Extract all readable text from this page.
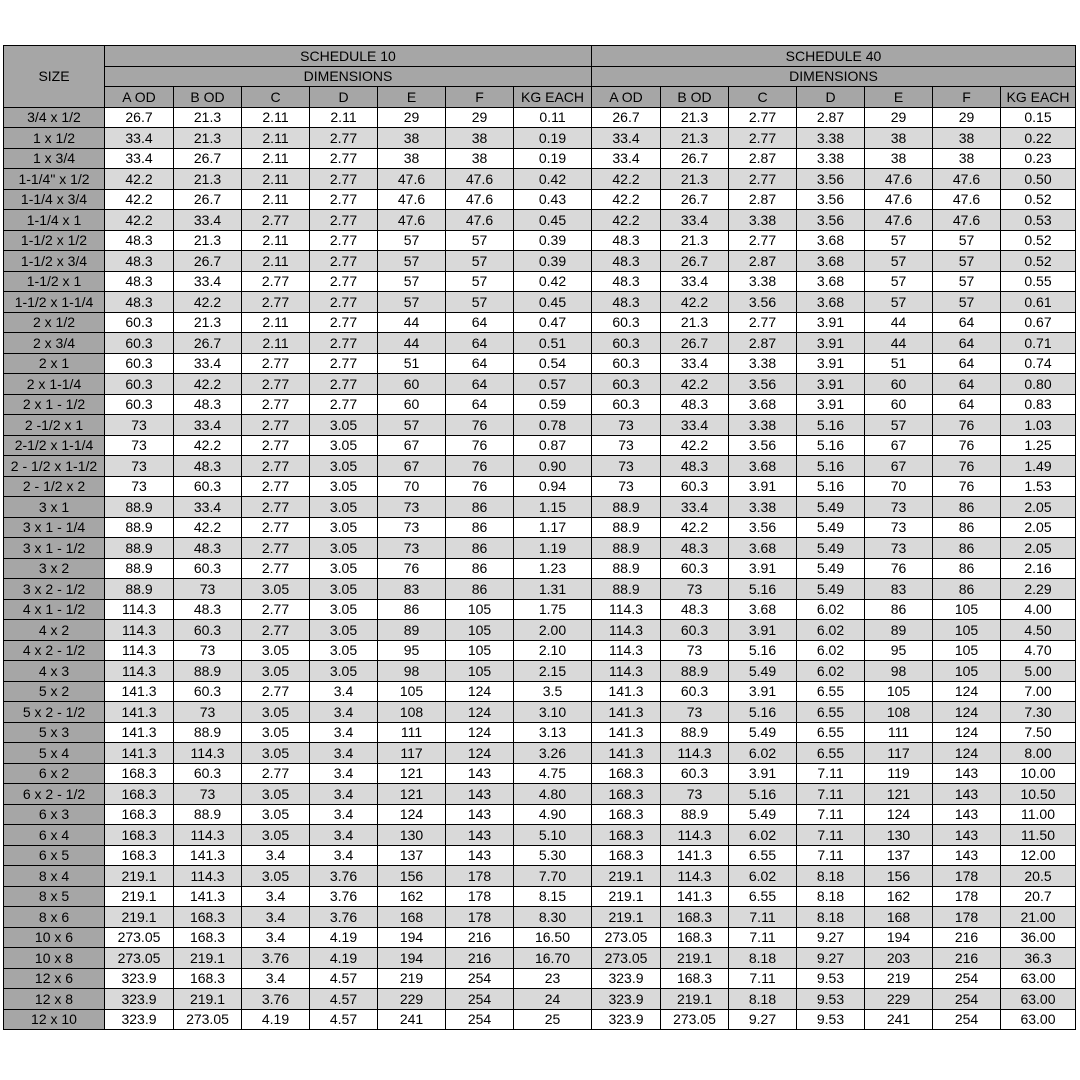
SIZE	SCHEDULE 10							SCHEDULE 40						
	DIMENSIONS							DIMENSIONS						
	A OD	B OD	C	D	E	F	KG EACH	A OD	B OD	C	D	E	F	KG EACH
3/4 x 1/2	26.7	21.3	2.11	2.11	29	29	0.11	26.7	21.3	2.77	2.87	29	29	0.15
1 x 1/2	33.4	21.3	2.11	2.77	38	38	0.19	33.4	21.3	2.77	3.38	38	38	0.22
1 x 3/4	33.4	26.7	2.11	2.77	38	38	0.19	33.4	26.7	2.87	3.38	38	38	0.23
1-1/4" x 1/2	42.2	21.3	2.11	2.77	47.6	47.6	0.42	42.2	21.3	2.77	3.56	47.6	47.6	0.50
1-1/4 x 3/4	42.2	26.7	2.11	2.77	47.6	47.6	0.43	42.2	26.7	2.87	3.56	47.6	47.6	0.52
1-1/4 x 1	42.2	33.4	2.77	2.77	47.6	47.6	0.45	42.2	33.4	3.38	3.56	47.6	47.6	0.53
1-1/2 x 1/2	48.3	21.3	2.11	2.77	57	57	0.39	48.3	21.3	2.77	3.68	57	57	0.52
1-1/2 x 3/4	48.3	26.7	2.11	2.77	57	57	0.39	48.3	26.7	2.87	3.68	57	57	0.52
1-1/2 x 1	48.3	33.4	2.77	2.77	57	57	0.42	48.3	33.4	3.38	3.68	57	57	0.55
1-1/2 x 1-1/4	48.3	42.2	2.77	2.77	57	57	0.45	48.3	42.2	3.56	3.68	57	57	0.61
2 x 1/2	60.3	21.3	2.11	2.77	44	64	0.47	60.3	21.3	2.77	3.91	44	64	0.67
2 x 3/4	60.3	26.7	2.11	2.77	44	64	0.51	60.3	26.7	2.87	3.91	44	64	0.71
2 x 1	60.3	33.4	2.77	2.77	51	64	0.54	60.3	33.4	3.38	3.91	51	64	0.74
2 x 1-1/4	60.3	42.2	2.77	2.77	60	64	0.57	60.3	42.2	3.56	3.91	60	64	0.80
2 x 1 - 1/2	60.3	48.3	2.77	2.77	60	64	0.59	60.3	48.3	3.68	3.91	60	64	0.83
2 -1/2 x 1	73	33.4	2.77	3.05	57	76	0.78	73	33.4	3.38	5.16	57	76	1.03
2-1/2 x 1-1/4	73	42.2	2.77	3.05	67	76	0.87	73	42.2	3.56	5.16	67	76	1.25
2 - 1/2 x 1-1/2	73	48.3	2.77	3.05	67	76	0.90	73	48.3	3.68	5.16	67	76	1.49
2 - 1/2 x 2	73	60.3	2.77	3.05	70	76	0.94	73	60.3	3.91	5.16	70	76	1.53
3 x 1	88.9	33.4	2.77	3.05	73	86	1.15	88.9	33.4	3.38	5.49	73	86	2.05
3 x 1 - 1/4	88.9	42.2	2.77	3.05	73	86	1.17	88.9	42.2	3.56	5.49	73	86	2.05
3 x 1 - 1/2	88.9	48.3	2.77	3.05	73	86	1.19	88.9	48.3	3.68	5.49	73	86	2.05
3 x 2	88.9	60.3	2.77	3.05	76	86	1.23	88.9	60.3	3.91	5.49	76	86	2.16
3 x 2 - 1/2	88.9	73	3.05	3.05	83	86	1.31	88.9	73	5.16	5.49	83	86	2.29
4 x 1 - 1/2	114.3	48.3	2.77	3.05	86	105	1.75	114.3	48.3	3.68	6.02	86	105	4.00
4 x 2	114.3	60.3	2.77	3.05	89	105	2.00	114.3	60.3	3.91	6.02	89	105	4.50
4 x 2 - 1/2	114.3	73	3.05	3.05	95	105	2.10	114.3	73	5.16	6.02	95	105	4.70
4 x 3	114.3	88.9	3.05	3.05	98	105	2.15	114.3	88.9	5.49	6.02	98	105	5.00
5 x 2	141.3	60.3	2.77	3.4	105	124	3.5	141.3	60.3	3.91	6.55	105	124	7.00
5 x 2 - 1/2	141.3	73	3.05	3.4	108	124	3.10	141.3	73	5.16	6.55	108	124	7.30
5 x 3	141.3	88.9	3.05	3.4	111	124	3.13	141.3	88.9	5.49	6.55	111	124	7.50
5 x 4	141.3	114.3	3.05	3.4	117	124	3.26	141.3	114.3	6.02	6.55	117	124	8.00
6 x 2	168.3	60.3	2.77	3.4	121	143	4.75	168.3	60.3	3.91	7.11	119	143	10.00
6 x 2 - 1/2	168.3	73	3.05	3.4	121	143	4.80	168.3	73	5.16	7.11	121	143	10.50
6 x 3	168.3	88.9	3.05	3.4	124	143	4.90	168.3	88.9	5.49	7.11	124	143	11.00
6 x 4	168.3	114.3	3.05	3.4	130	143	5.10	168.3	114.3	6.02	7.11	130	143	11.50
6 x 5	168.3	141.3	3.4	3.4	137	143	5.30	168.3	141.3	6.55	7.11	137	143	12.00
8 x 4	219.1	114.3	3.05	3.76	156	178	7.70	219.1	114.3	6.02	8.18	156	178	20.5
8 x 5	219.1	141.3	3.4	3.76	162	178	8.15	219.1	141.3	6.55	8.18	162	178	20.7
8 x 6	219.1	168.3	3.4	3.76	168	178	8.30	219.1	168.3	7.11	8.18	168	178	21.00
10 x 6	273.05	168.3	3.4	4.19	194	216	16.50	273.05	168.3	7.11	9.27	194	216	36.00
10 x 8	273.05	219.1	3.76	4.19	194	216	16.70	273.05	219.1	8.18	9.27	203	216	36.3
12 x 6	323.9	168.3	3.4	4.57	219	254	23	323.9	168.3	7.11	9.53	219	254	63.00
12 x 8	323.9	219.1	3.76	4.57	229	254	24	323.9	219.1	8.18	9.53	229	254	63.00
12 x 10	323.9	273.05	4.19	4.57	241	254	25	323.9	273.05	9.27	9.53	241	254	63.00
